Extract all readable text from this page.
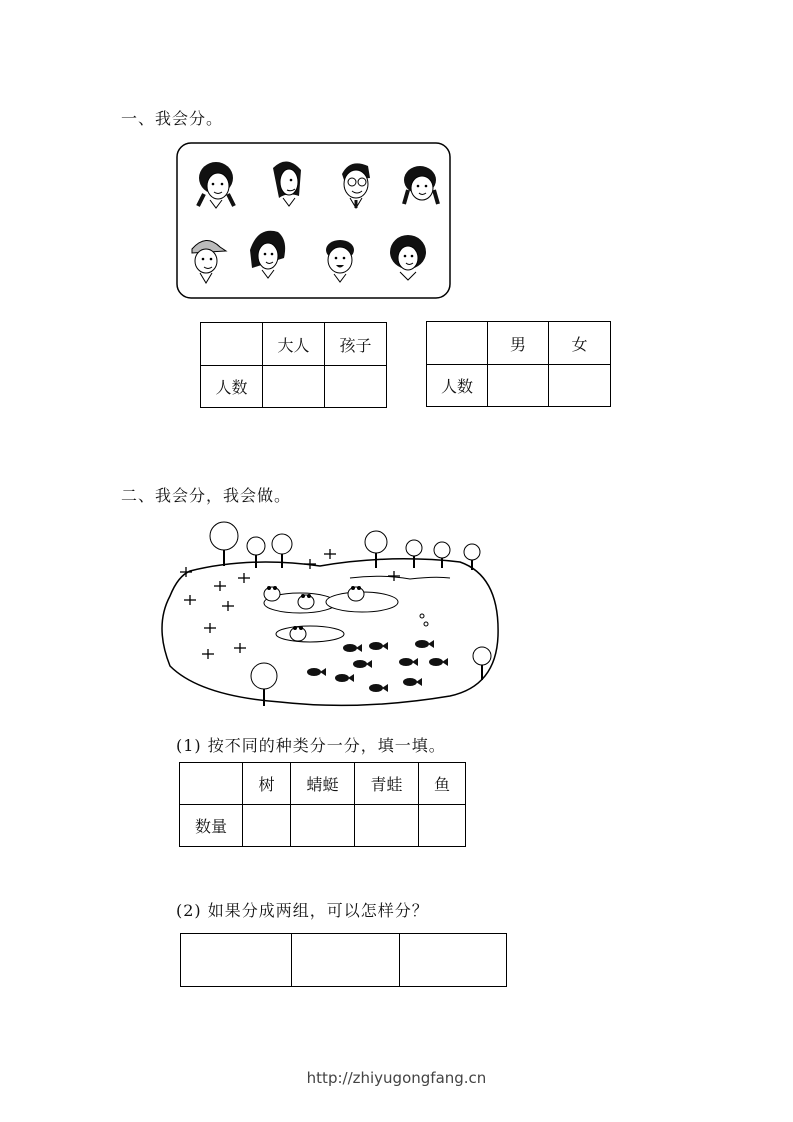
一、我会分。
	大人	孩子
人数		
	男	女
人数		
二、我会分，我会做。
(1) 按不同的种类分一分，填一填。
	树	蜻蜓	青蛙	鱼
数量				
(2) 如果分成两组，可以怎样分？

http://zhiyugongfang.cn
